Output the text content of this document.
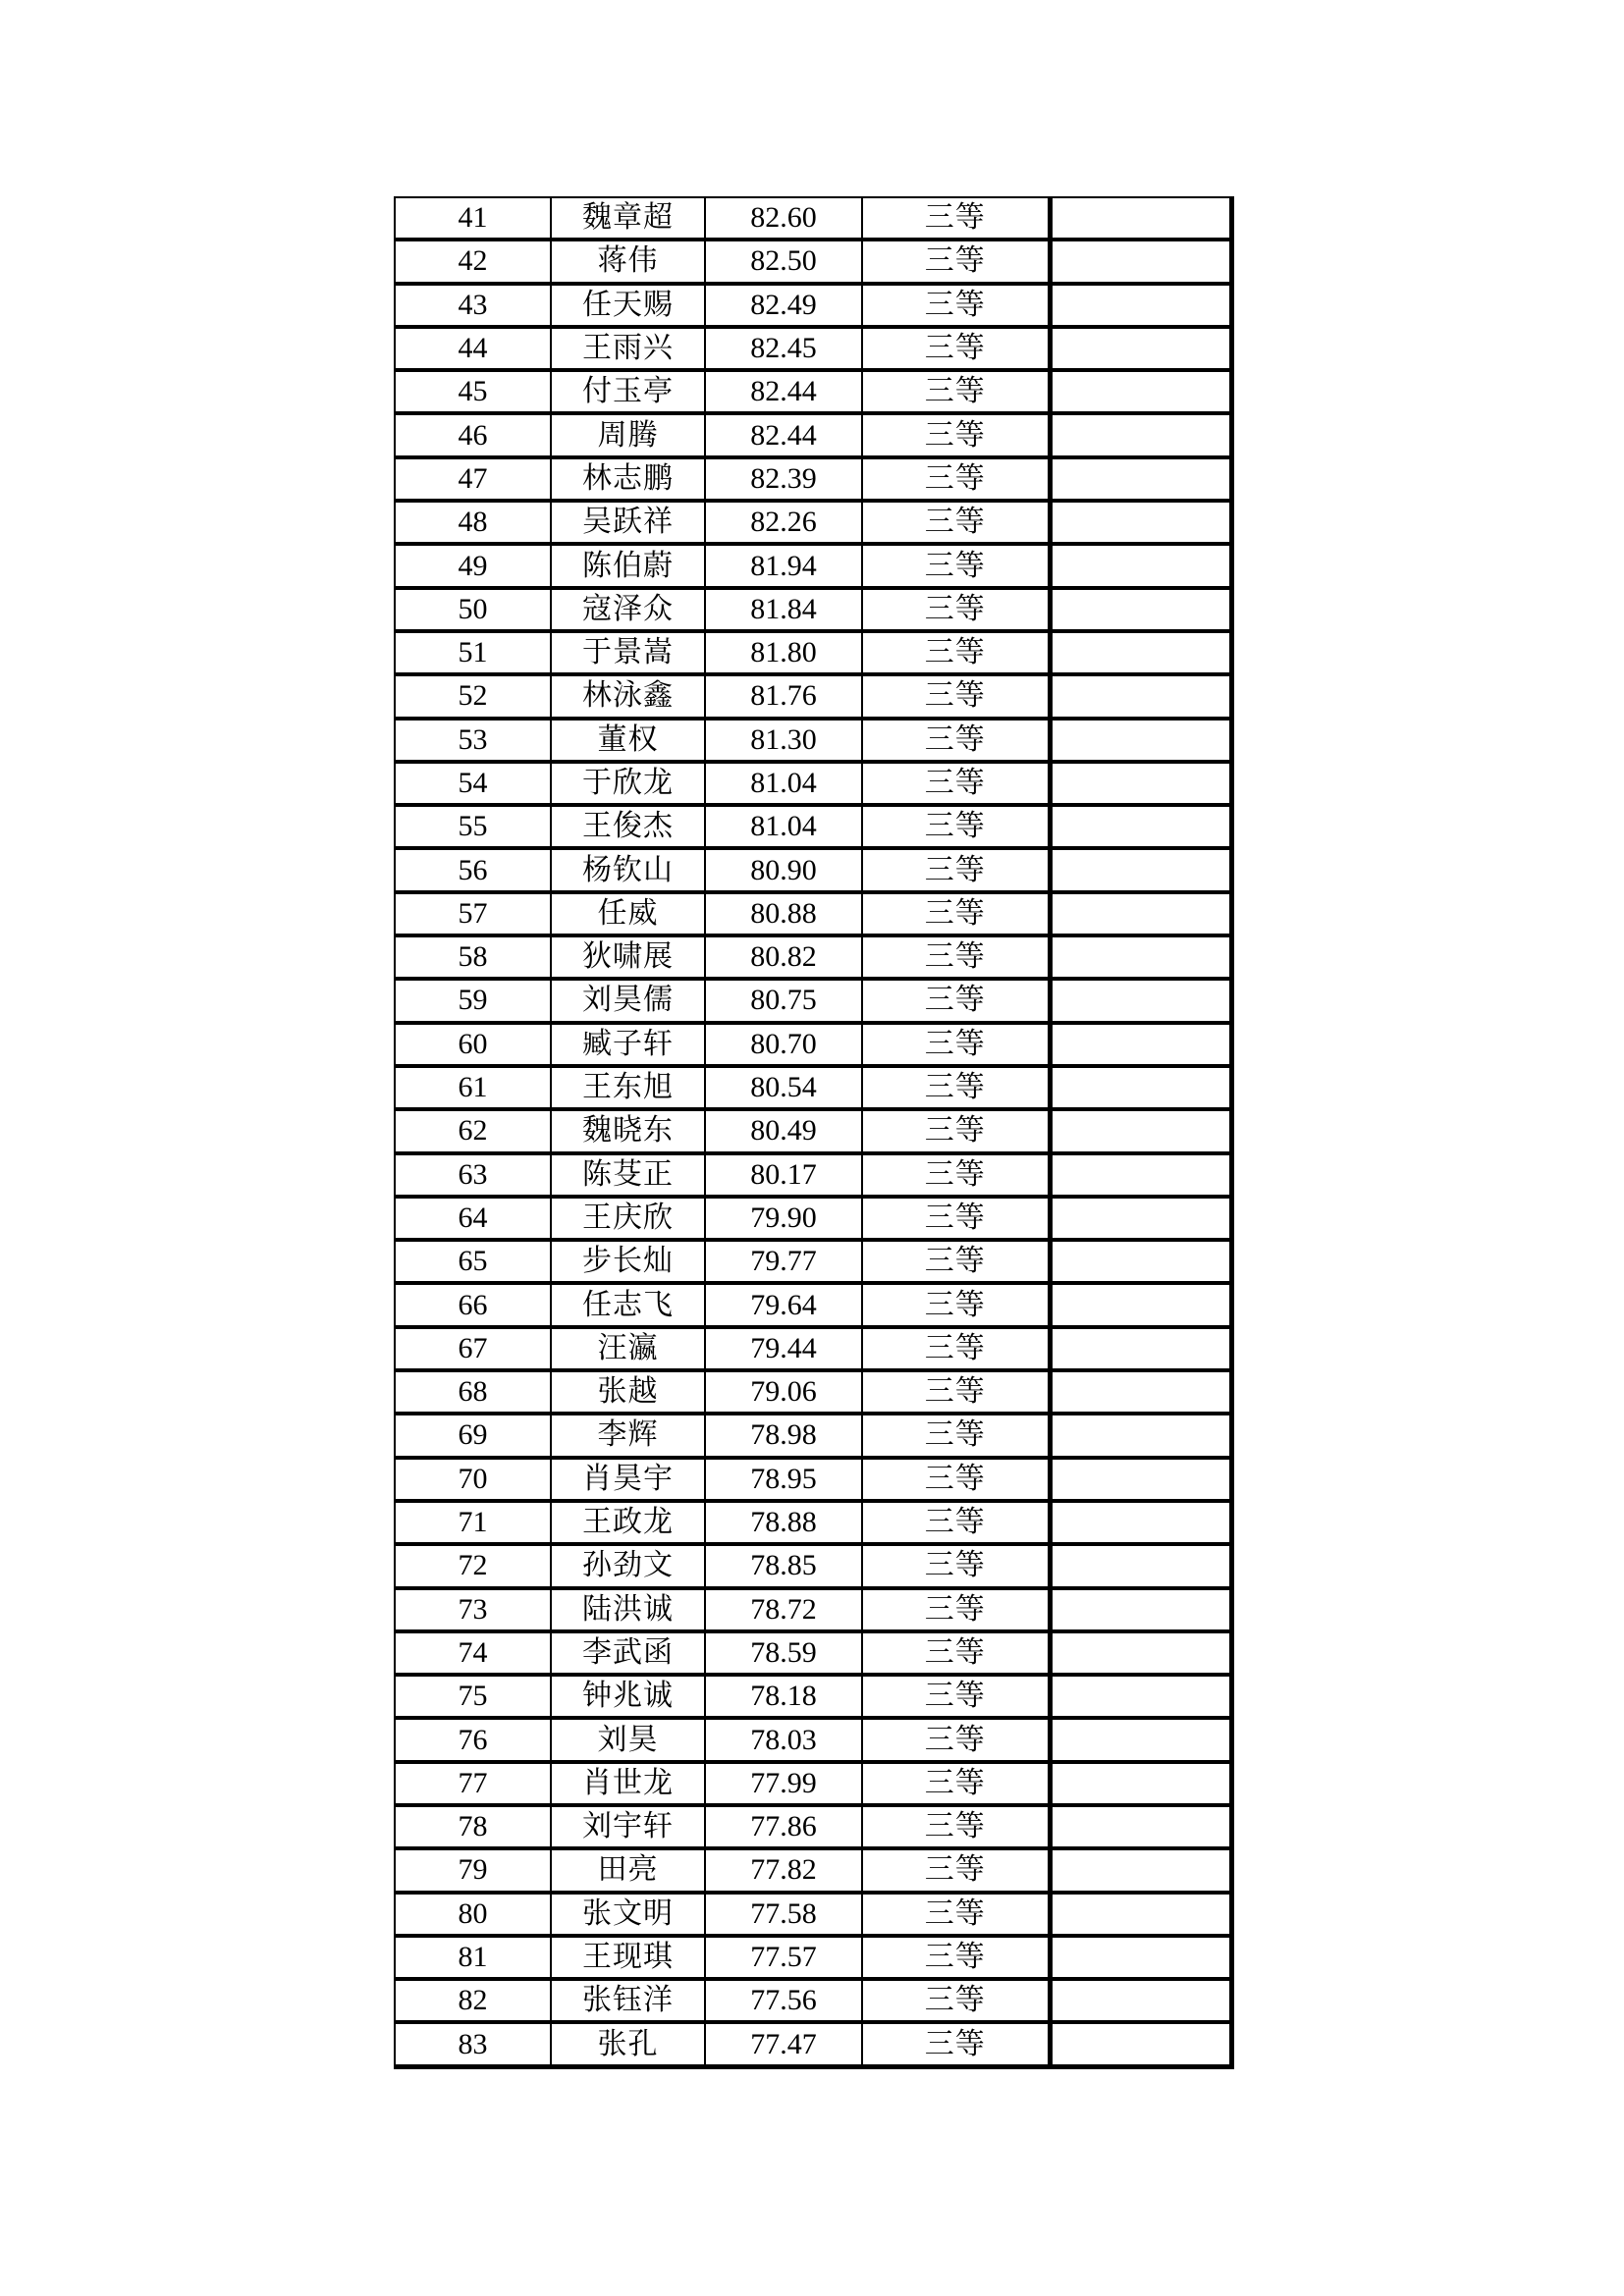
41	魏章超	82.60	三等	
42	蒋伟	82.50	三等	
43	任天赐	82.49	三等	
44	王雨兴	82.45	三等	
45	付玉亭	82.44	三等	
46	周腾	82.44	三等	
47	林志鹏	82.39	三等	
48	吴跃祥	82.26	三等	
49	陈伯蔚	81.94	三等	
50	寇泽众	81.84	三等	
51	于景嵩	81.80	三等	
52	林泳鑫	81.76	三等	
53	董权	81.30	三等	
54	于欣龙	81.04	三等	
55	王俊杰	81.04	三等	
56	杨钦山	80.90	三等	
57	任威	80.88	三等	
58	狄啸展	80.82	三等	
59	刘昊儒	80.75	三等	
60	臧子轩	80.70	三等	
61	王东旭	80.54	三等	
62	魏晓东	80.49	三等	
63	陈芟正	80.17	三等	
64	王庆欣	79.90	三等	
65	步长灿	79.77	三等	
66	任志飞	79.64	三等	
67	汪瀛	79.44	三等	
68	张越	79.06	三等	
69	李辉	78.98	三等	
70	肖昊宇	78.95	三等	
71	王政龙	78.88	三等	
72	孙劲文	78.85	三等	
73	陆洪诚	78.72	三等	
74	李武函	78.59	三等	
75	钟兆诚	78.18	三等	
76	刘昊	78.03	三等	
77	肖世龙	77.99	三等	
78	刘宇轩	77.86	三等	
79	田亮	77.82	三等	
80	张文明	77.58	三等	
81	王现琪	77.57	三等	
82	张钰洋	77.56	三等	
83	张孔	77.47	三等	
